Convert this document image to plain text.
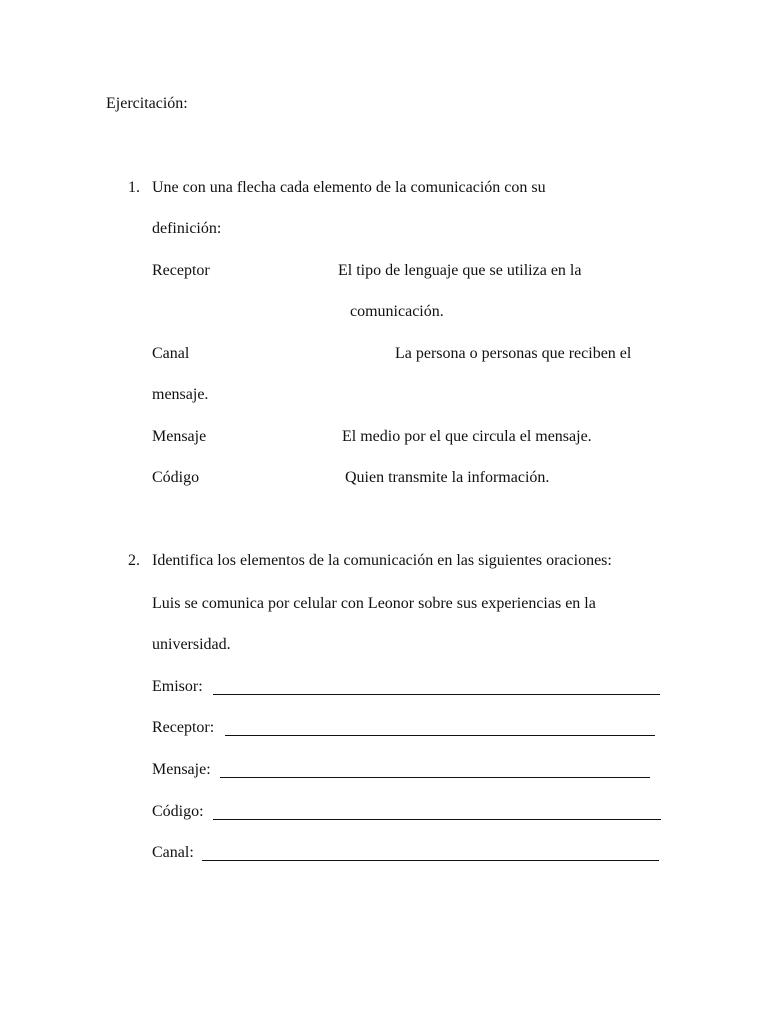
Ejercitación:
1. Une con una flecha cada elemento de la comunicación con su
definición:
Receptor
Canal
Mensaje
Código
El tipo de lenguaje que se utiliza en la
comunicación.
La persona o personas que reciben el
mensaje.
El medio por el que circula el mensaje.
Quien transmite la información.
2. Identifica los elementos de la comunicación en las siguientes oraciones:
Luis se comunica por celular con Leonor sobre sus experiencias en la
universidad.
Emisor:
Receptor:
Mensaje:
Código:
Canal:
